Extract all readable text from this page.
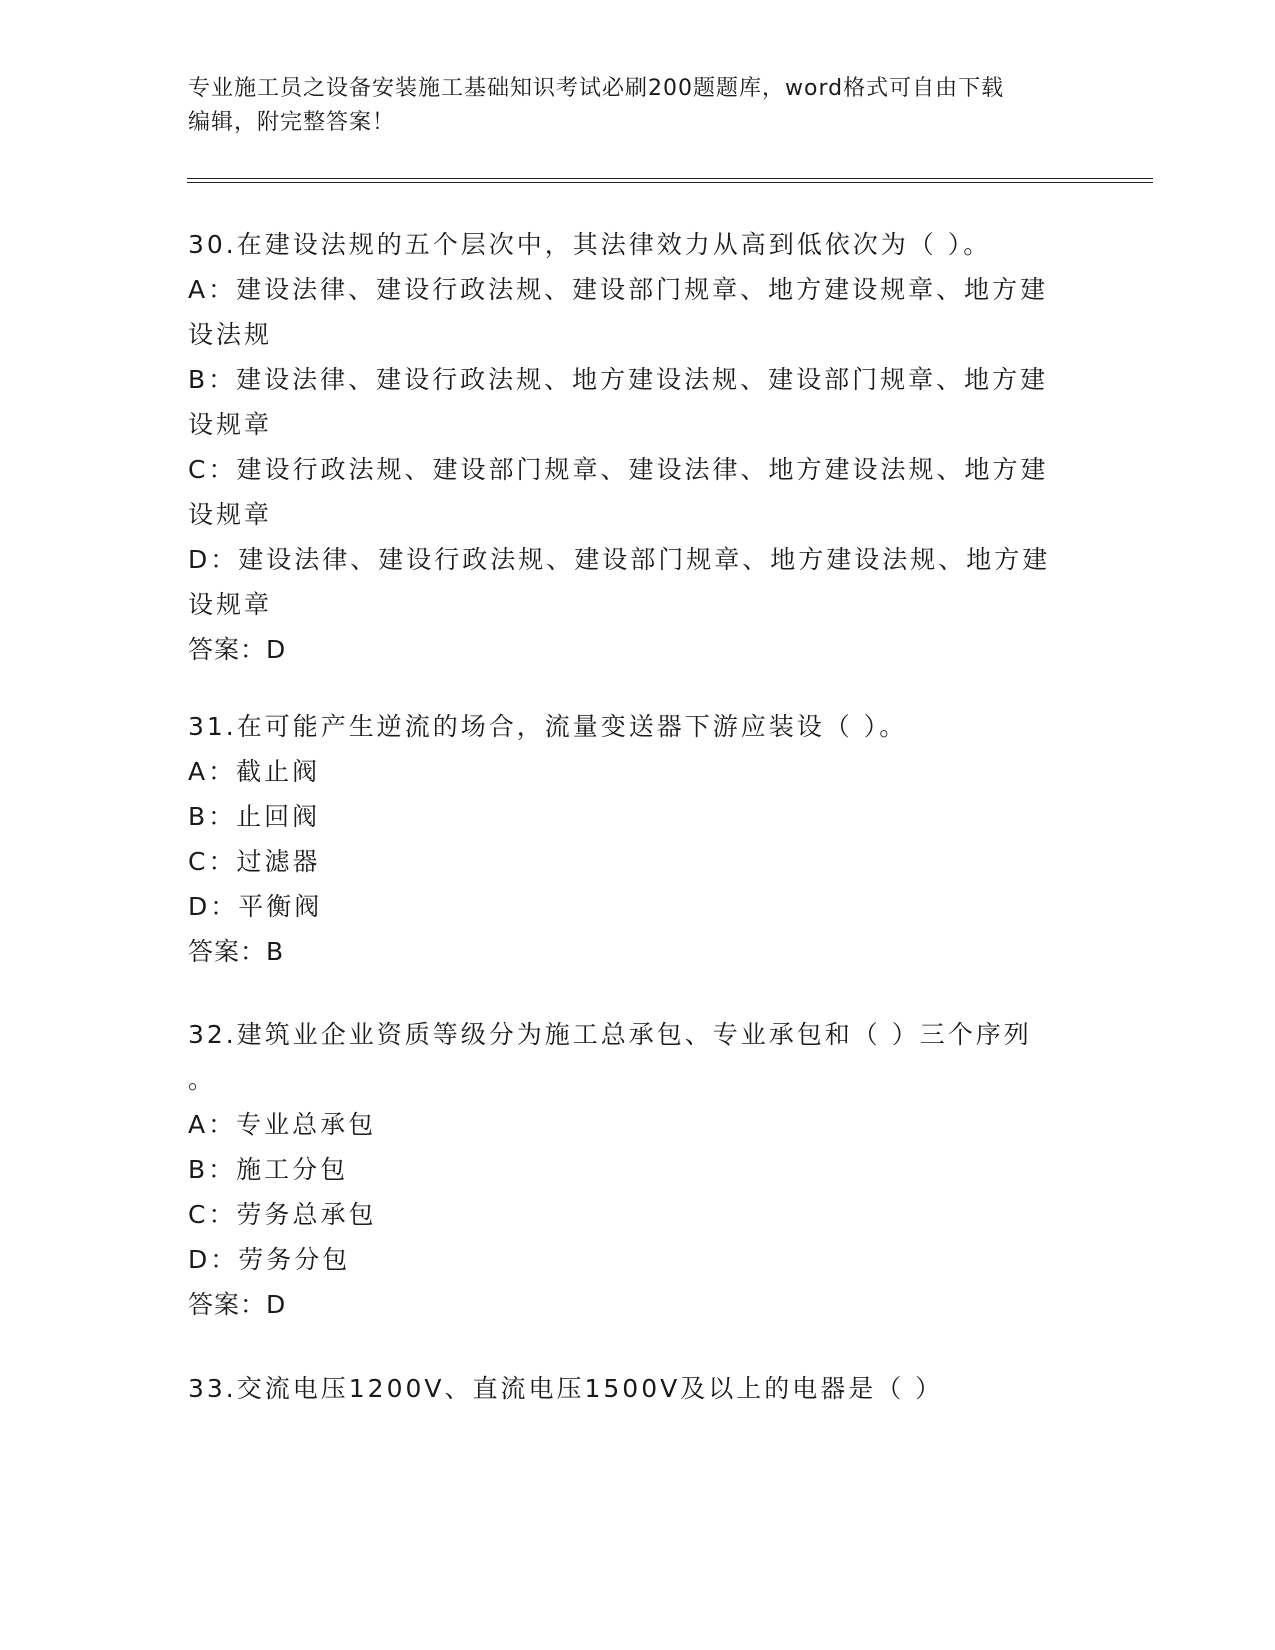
专业施工员之设备安装施工基础知识考试必刷200题题库，word格式可自由下载
编辑，附完整答案！
30.在建设法规的五个层次中，其法律效力从高到低依次为（ ）。
A：建设法律、建设行政法规、建设部门规章、地方建设规章、地方建
设法规
B：建设法律、建设行政法规、地方建设法规、建设部门规章、地方建
设规章
C：建设行政法规、建设部门规章、建设法律、地方建设法规、地方建
设规章
D：建设法律、建设行政法规、建设部门规章、地方建设法规、地方建
设规章
答案：D
31.在可能产生逆流的场合，流量变送器下游应装设（ ）。
A：截止阀
B：止回阀
C：过滤器
D：平衡阀
答案：B
32.建筑业企业资质等级分为施工总承包、专业承包和（ ）三个序列
。
A：专业总承包
B：施工分包
C：劳务总承包
D：劳务分包
答案：D
33.交流电压1200V、直流电压1500V及以上的电器是（ ）
